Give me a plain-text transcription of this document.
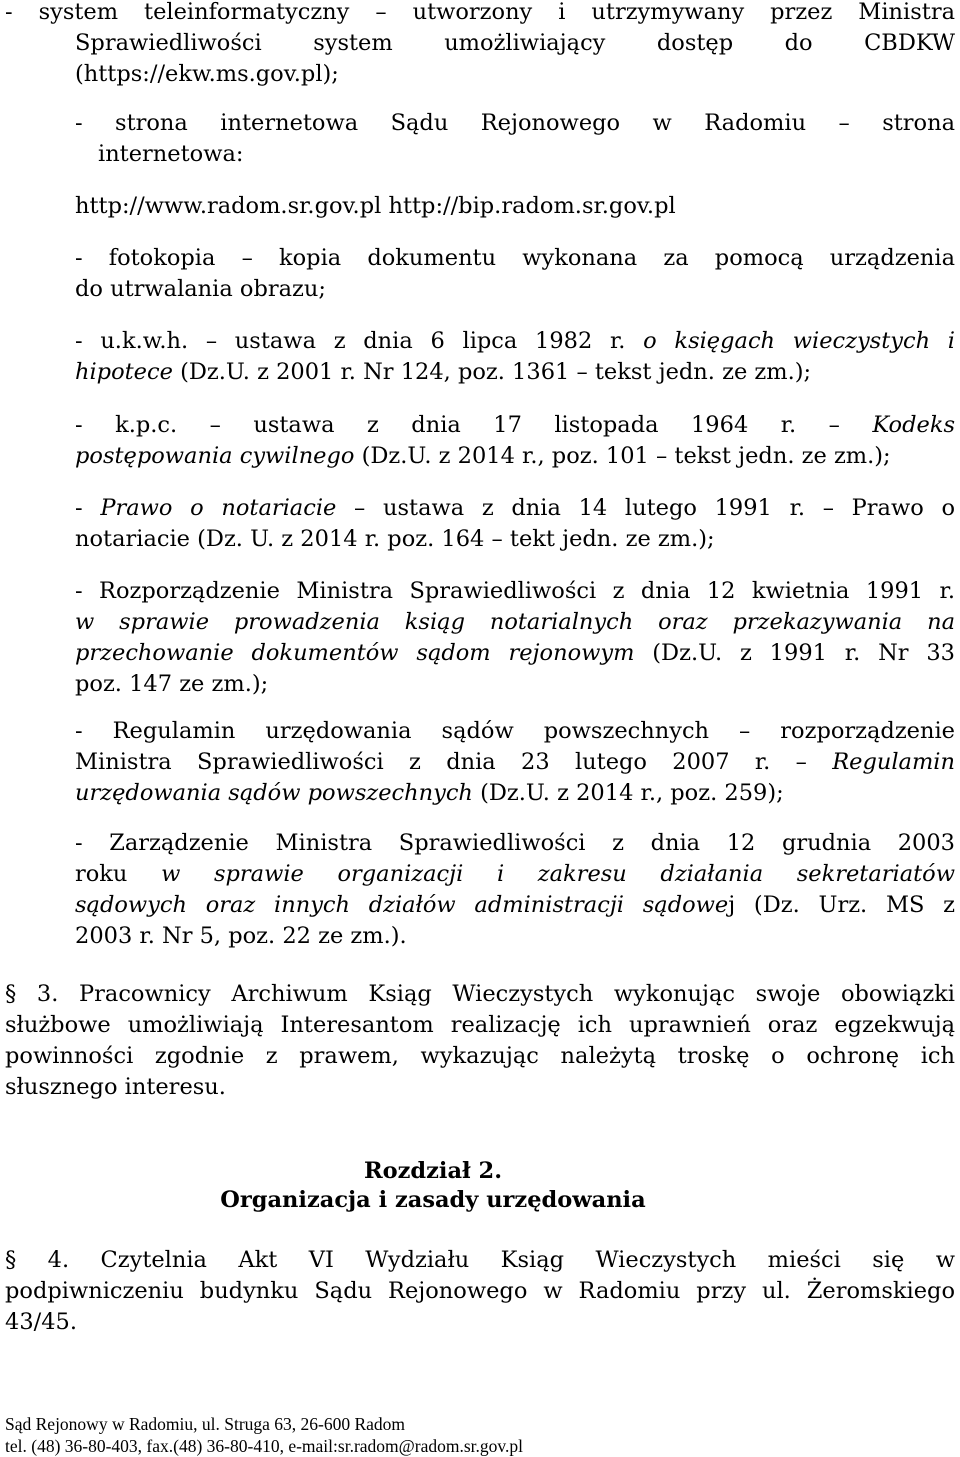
- system teleinformatyczny – utworzony i utrzymywany przez Ministra
Sprawiedliwości system umożliwiający dostęp do CBDKW
(https://ekw.ms.gov.pl);
- strona internetowa Sądu Rejonowego w Radomiu – strona
internetowa:
http://www.radom.sr.gov.pl http://bip.radom.sr.gov.pl
- fotokopia – kopia dokumentu wykonana za pomocą urządzenia
do utrwalania obrazu;
- u.k.w.h. – ustawa z dnia 6 lipca 1982 r. o księgach wieczystych i
hipotece (Dz.U. z 2001 r. Nr 124, poz. 1361 – tekst jedn. ze zm.);
- k.p.c. – ustawa z dnia 17 listopada 1964 r. – Kodeks
postępowania cywilnego (Dz.U. z 2014 r., poz. 101 – tekst jedn. ze zm.);
- Prawo o notariacie – ustawa z dnia 14 lutego 1991 r. – Prawo o
notariacie (Dz. U. z 2014 r. poz. 164 – tekt jedn. ze zm.);
- Rozporządzenie Ministra Sprawiedliwości z dnia 12 kwietnia 1991 r.
w sprawie prowadzenia ksiąg notarialnych oraz przekazywania na
przechowanie dokumentów sądom rejonowym (Dz.U. z 1991 r. Nr 33
poz. 147 ze zm.);
- Regulamin urzędowania sądów powszechnych – rozporządzenie
Ministra Sprawiedliwości z dnia 23 lutego 2007 r. – Regulamin
urzędowania sądów powszechnych (Dz.U. z 2014 r., poz. 259);
- Zarządzenie Ministra Sprawiedliwości z dnia 12 grudnia 2003
roku w sprawie organizacji i zakresu działania sekretariatów
sądowych oraz innych działów administracji sądowej (Dz. Urz. MS z
2003 r. Nr 5, poz. 22 ze zm.).
§ 3. Pracownicy Archiwum Ksiąg Wieczystych wykonując swoje obowiązki
służbowe umożliwiają Interesantom realizację ich uprawnień oraz egzekwują
powinności zgodnie z prawem, wykazując należytą troskę o ochronę ich
słusznego interesu.
Rozdział 2.
Organizacja i zasady urzędowania
§ 4. Czytelnia Akt VI Wydziału Ksiąg Wieczystych mieści się w
podpiwniczeniu budynku Sądu Rejonowego w Radomiu przy ul. Żeromskiego
43/45.
Sąd Rejonowy w Radomiu, ul. Struga 63, 26-600 Radom
tel. (48) 36-80-403, fax.(48) 36-80-410, e-mail:sr.radom@radom.sr.gov.pl
